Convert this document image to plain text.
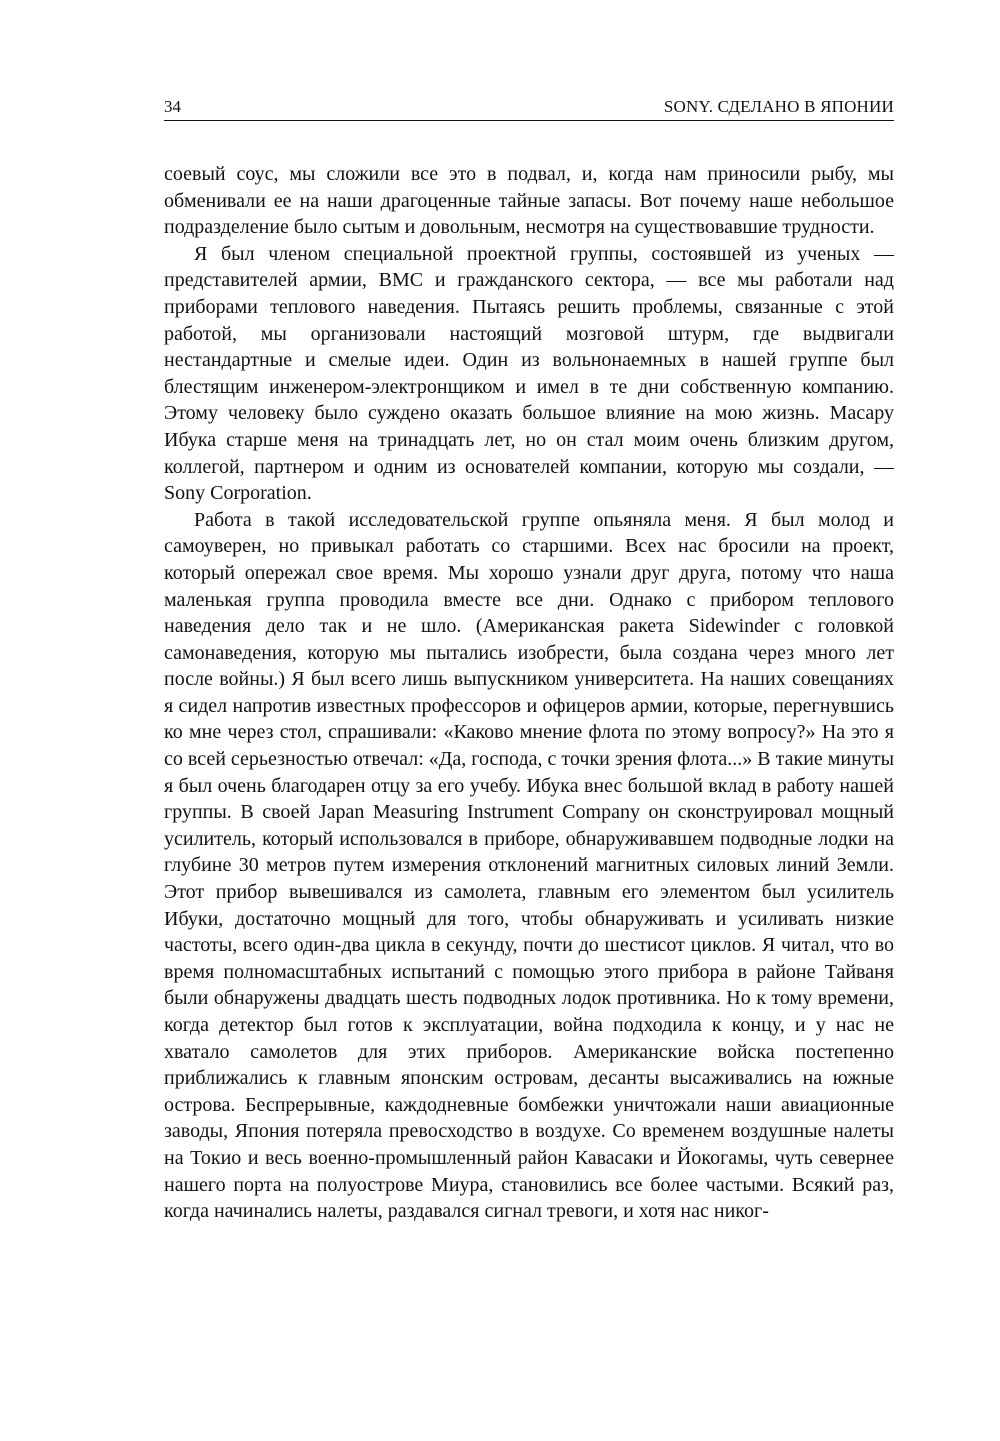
34	SONY. СДЕЛАНО В ЯПОНИИ

соевый соус, мы сложили все это в подвал, и, когда нам приносили рыбу, мы обменивали ее на наши драгоценные тайные запасы. Вот почему наше небольшое подразделение было сытым и довольным, несмотря на существовавшие трудности.

Я был членом специальной проектной группы, состоявшей из ученых — представителей армии, ВМС и гражданского сектора, — все мы работали над приборами теплового наведения. Пытаясь решить проблемы, связанные с этой работой, мы организовали настоящий мозговой штурм, где выдвигали нестандартные и смелые идеи. Один из вольнонаемных в нашей группе был блестящим инженером-электронщиком и имел в те дни собственную компанию. Этому человеку было суждено оказать большое влияние на мою жизнь. Масару Ибука старше меня на тринадцать лет, но он стал моим очень близким другом, коллегой, партнером и одним из основателей компании, которую мы создали, — Sony Corporation.

Работа в такой исследовательской группе опьяняла меня. Я был молод и самоуверен, но привыкал работать со старшими. Всех нас бросили на проект, который опережал свое время. Мы хорошо узнали друг друга, потому что наша маленькая группа проводила вместе все дни. Однако с прибором теплового наведения дело так и не шло. (Американская ракета Sidewinder с головкой самонаведения, которую мы пытались изобрести, была создана через много лет после войны.) Я был всего лишь выпускником университета. На наших совещаниях я сидел напротив известных профессоров и офицеров армии, которые, перегнувшись ко мне через стол, спрашивали: «Каково мнение флота по этому вопросу?» На это я со всей серьезностью отвечал: «Да, господа, с точки зрения флота...» В такие минуты я был очень благодарен отцу за его учебу. Ибука внес большой вклад в работу нашей группы. В своей Japan Measuring Instrument Company он сконструировал мощный усилитель, который использовался в приборе, обнаруживавшем подводные лодки на глубине 30 метров путем измерения отклонений магнитных силовых линий Земли. Этот прибор вывешивался из самолета, главным его элементом был усилитель Ибуки, достаточно мощный для того, чтобы обнаруживать и усиливать низкие частоты, всего один-два цикла в секунду, почти до шестисот циклов. Я читал, что во время полномасштабных испытаний с помощью этого прибора в районе Тайваня были обнаружены двадцать шесть подводных лодок противника. Но к тому времени, когда детектор был готов к эксплуатации, война подходила к концу, и у нас не хватало самолетов для этих приборов. Американские войска постепенно приближались к главным японским островам, десанты высаживались на южные острова. Беспрерывные, каждодневные бомбежки уничтожали наши авиационные заводы, Япония потеряла превосходство в воздухе. Со временем воздушные налеты на Токио и весь военно-промышленный район Кавасаки и Йокогамы, чуть севернее нашего порта на полуострове Миура, становились все более частыми. Всякий раз, когда начинались налеты, раздавался сигнал тревоги, и хотя нас никог-
